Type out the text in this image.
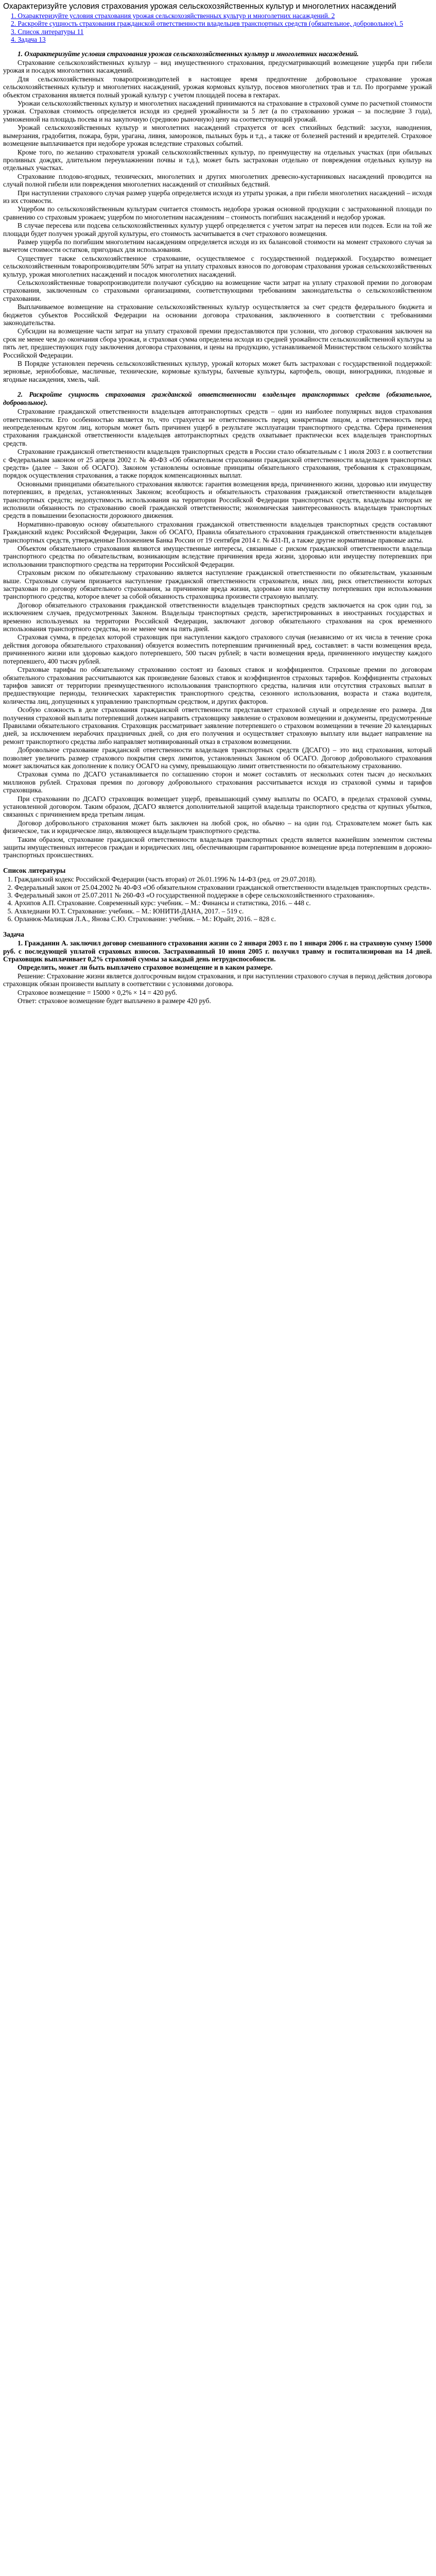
Охарактеризуйте условия страхования урожая сельскохозяйственных культур и многолетних насаждений
1. Охарактеризуйте условия страхования урожая сельскохозяйственных культур и многолетних насаждений. 2
2. Раскройте сущность страхования гражданской ответственности владельцев транспортных средств (обязательное, добровольное). 5
3. Список литературы 11
4. Задача 13
1. Охарактеризуйте условия страхования урожая сельскохозяйственных культур и многолетних насаждений.
Страхование сельскохозяйственных культур – вид имущественного страхования, предусматривающий возмещение ущерба при гибели урожая и посадок многолетних насаждений.
Для сельскохозяйственных товаропроизводителей в настоящее время предпочтение добровольное страхование урожая сельскохозяйственных культур и многолетних насаждений, урожая кормовых культур, посевов многолетних трав и т.п. По программе урожай объектом страхования является полный урожай культур с учетом площадей посева в гектарах.
Урожаи сельскохозяйственных культур и многолетних насаждений принимаются на страхование в страховой сумме по расчетной стоимости урожая. Страховая стоимость определяется исходя из средней урожайности за 5 лет (а по страхованию урожая – за последние 3 года), умноженной на площадь посева и на закупочную (среднюю рыночную) цену на соответствующий урожай.
Урожай сельскохозяйственных культур и многолетних насаждений страхуется от всех стихийных бедствий: засухи, наводнения, вымерзания, градобития, пожара, бури, урагана, ливня, заморозков, пыльных бурь и т.д., а также от болезней растений и вредителей. Страховое возмещение выплачивается при недоборе урожая вследствие страховых событий.
Кроме того, по желанию страхователя урожай сельскохозяйственных культур, по преимуществу на отдельных участках (при обильных проливных дождях, длительном переувлажнении почвы и т.д.), может быть застрахован отдельно от повреждения отдельных культур на отдельных участках.
Страхование плодово-ягодных, технических, многолетних и других многолетних древесно-кустарниковых насаждений проводится на случай полной гибели или повреждения многолетних насаждений от стихийных бедствий.
При наступлении страхового случая размер ущерба определяется исходя из утраты урожая, а при гибели многолетних насаждений – исходя из их стоимости.
Ущербом по сельскохозяйственным культурам считается стоимость недобора урожая основной продукции с застрахованной площади по сравнению со страховым урожаем; ущербом по многолетним насаждениям – стоимость погибших насаждений и недобор урожая.
В случае пересева или подсева сельскохозяйственных культур ущерб определяется с учетом затрат на пересев или подсев. Если на той же площади будет получен урожай другой культуры, его стоимость засчитывается в счет страхового возмещения.
Размер ущерба по погибшим многолетним насаждениям определяется исходя из их балансовой стоимости на момент страхового случая за вычетом стоимости остатков, пригодных для использования.
Существует также сельскохозяйственное страхование, осуществляемое с государственной поддержкой. Государство возмещает сельскохозяйственным товаропроизводителям 50% затрат на уплату страховых взносов по договорам страхования урожая сельскохозяйственных культур, урожая многолетних насаждений и посадок многолетних насаждений.
Сельскохозяйственные товаропроизводители получают субсидию на возмещение части затрат на уплату страховой премии по договорам страхования, заключенным со страховыми организациями, соответствующими требованиям законодательства о сельскохозяйственном страховании.
Выплачиваемое возмещение на страхование сельскохозяйственных культур осуществляется за счет средств федерального бюджета и бюджетов субъектов Российской Федерации на основании договора страхования, заключенного в соответствии с требованиями законодательства.
Субсидии на возмещение части затрат на уплату страховой премии предоставляются при условии, что договор страхования заключен на срок не менее чем до окончания сбора урожая, и страховая сумма определена исходя из средней урожайности сельскохозяйственной культуры за пять лет, предшествующих году заключения договора страхования, и цены на продукцию, устанавливаемой Министерством сельского хозяйства Российской Федерации.
В Порядке установлен перечень сельскохозяйственных культур, урожай которых может быть застрахован с государственной поддержкой: зерновые, зернобобовые, масличные, технические, кормовые культуры, бахчевые культуры, картофель, овощи, виноградники, плодовые и ягодные насаждения, хмель, чай.
2. Раскройте сущность страхования гражданской ответственности владельцев транспортных средств (обязательное, добровольное).
Страхование гражданской ответственности владельцев автотранспортных средств – один из наиболее популярных видов страхования ответственности. Его особенностью является то, что страхуется не ответственность перед конкретным лицом, а ответственность перед неопределенным кругом лиц, которым может быть причинен ущерб в результате эксплуатации транспортного средства. Сфера применения страхования гражданской ответственности владельцев автотранспортных средств охватывает практически всех владельцев транспортных средств.
Страхование гражданской ответственности владельцев транспортных средств в России стало обязательным с 1 июля 2003 г. в соответствии с Федеральным законом от 25 апреля 2002 г. № 40-ФЗ «Об обязательном страховании гражданской ответственности владельцев транспортных средств» (далее – Закон об ОСАГО). Законом установлены основные принципы обязательного страхования, требования к страховщикам, порядок осуществления страхования, а также порядок компенсационных выплат.
Основными принципами обязательного страхования являются: гарантия возмещения вреда, причиненного жизни, здоровью или имуществу потерпевших, в пределах, установленных Законом; всеобщность и обязательность страхования гражданской ответственности владельцев транспортных средств; недопустимость использования на территории Российской Федерации транспортных средств, владельцы которых не исполнили обязанность по страхованию своей гражданской ответственности; экономическая заинтересованность владельцев транспортных средств в повышении безопасности дорожного движения.
Нормативно-правовую основу обязательного страхования гражданской ответственности владельцев транспортных средств составляют Гражданский кодекс Российской Федерации, Закон об ОСАГО, Правила обязательного страхования гражданской ответственности владельцев транспортных средств, утвержденные Положением Банка России от 19 сентября 2014 г. № 431-П, а также другие нормативные правовые акты.
Объектом обязательного страхования являются имущественные интересы, связанные с риском гражданской ответственности владельца транспортного средства по обязательствам, возникающим вследствие причинения вреда жизни, здоровью или имуществу потерпевших при использовании транспортного средства на территории Российской Федерации.
Страховым риском по обязательному страхованию является наступление гражданской ответственности по обязательствам, указанным выше. Страховым случаем признается наступление гражданской ответственности страхователя, иных лиц, риск ответственности которых застрахован по договору обязательного страхования, за причинение вреда жизни, здоровью или имуществу потерпевших при использовании транспортного средства, которое влечет за собой обязанность страховщика произвести страховую выплату.
Договор обязательного страхования гражданской ответственности владельцев транспортных средств заключается на срок один год, за исключением случаев, предусмотренных Законом. Владельцы транспортных средств, зарегистрированных в иностранных государствах и временно используемых на территории Российской Федерации, заключают договор обязательного страхования на срок временного использования транспортного средства, но не менее чем на пять дней.
Страховая сумма, в пределах которой страховщик при наступлении каждого страхового случая (независимо от их числа в течение срока действия договора обязательного страхования) обязуется возместить потерпевшим причиненный вред, составляет: в части возмещения вреда, причиненного жизни или здоровью каждого потерпевшего, 500 тысяч рублей; в части возмещения вреда, причиненного имуществу каждого потерпевшего, 400 тысяч рублей.
Страховые тарифы по обязательному страхованию состоят из базовых ставок и коэффициентов. Страховые премии по договорам обязательного страхования рассчитываются как произведение базовых ставок и коэффициентов страховых тарифов. Коэффициенты страховых тарифов зависят от территории преимущественного использования транспортного средства, наличия или отсутствия страховых выплат в предшествующие периоды, технических характеристик транспортного средства, сезонного использования, возраста и стажа водителя, количества лиц, допущенных к управлению транспортным средством, и других факторов.
Особую сложность в деле страхования гражданской ответственности представляет страховой случай и определение его размера. Для получения страховой выплаты потерпевший должен направить страховщику заявление о страховом возмещении и документы, предусмотренные Правилами обязательного страхования. Страховщик рассматривает заявление потерпевшего о страховом возмещении в течение 20 календарных дней, за исключением нерабочих праздничных дней, со дня его получения и осуществляет страховую выплату или выдает направление на ремонт транспортного средства либо направляет мотивированный отказ в страховом возмещении.
Добровольное страхование гражданской ответственности владельцев транспортных средств (ДСАГО) – это вид страхования, который позволяет увеличить размер страхового покрытия сверх лимитов, установленных Законом об ОСАГО. Договор добровольного страхования может заключаться как дополнение к полису ОСАГО на сумму, превышающую лимит ответственности по обязательному страхованию.
Страховая сумма по ДСАГО устанавливается по соглашению сторон и может составлять от нескольких сотен тысяч до нескольких миллионов рублей. Страховая премия по договору добровольного страхования рассчитывается исходя из страховой суммы и тарифов страховщика.
При страховании по ДСАГО страховщик возмещает ущерб, превышающий сумму выплаты по ОСАГО, в пределах страховой суммы, установленной договором. Таким образом, ДСАГО является дополнительной защитой владельца транспортного средства от крупных убытков, связанных с причинением вреда третьим лицам.
Договор добровольного страхования может быть заключен на любой срок, но обычно – на один год. Страхователем может быть как физическое, так и юридическое лицо, являющееся владельцем транспортного средства.
Таким образом, страхование гражданской ответственности владельцев транспортных средств является важнейшим элементом системы защиты имущественных интересов граждан и юридических лиц, обеспечивающим гарантированное возмещение вреда потерпевшим в дорожно-транспортных происшествиях.
Список литературы
1. Гражданский кодекс Российской Федерации (часть вторая) от 26.01.1996 № 14-ФЗ (ред. от 29.07.2018).
2. Федеральный закон от 25.04.2002 № 40-ФЗ «Об обязательном страховании гражданской ответственности владельцев транспортных средств».
3. Федеральный закон от 25.07.2011 № 260-ФЗ «О государственной поддержке в сфере сельскохозяйственного страхования».
4. Архипов А.П. Страхование. Современный курс: учебник. – М.: Финансы и статистика, 2016. – 448 с.
5. Ахвледиани Ю.Т. Страхование: учебник. – М.: ЮНИТИ-ДАНА, 2017. – 519 с.
6. Орланюк-Малицкая Л.А., Янова С.Ю. Страхование: учебник. – М.: Юрайт, 2016. – 828 с.
Задача
1. Гражданин А. заключил договор смешанного страхования жизни со 2 января 2003 г. по 1 января 2006 г. на страховую сумму 15000 руб. с последующей уплатой страховых взносов. Застрахованный 10 июня 2005 г. получил травму и госпитализирован на 14 дней. Страховщик выплачивает 0,2% страховой суммы за каждый день нетрудоспособности.
Определить, может ли быть выплачено страховое возмещение и в каком размере.
Решение: Страхование жизни является долгосрочным видом страхования, и при наступлении страхового случая в период действия договора страховщик обязан произвести выплату в соответствии с условиями договора.
Страховое возмещение = 15000 × 0,2% × 14 = 420 руб.
Ответ: страховое возмещение будет выплачено в размере 420 руб.
